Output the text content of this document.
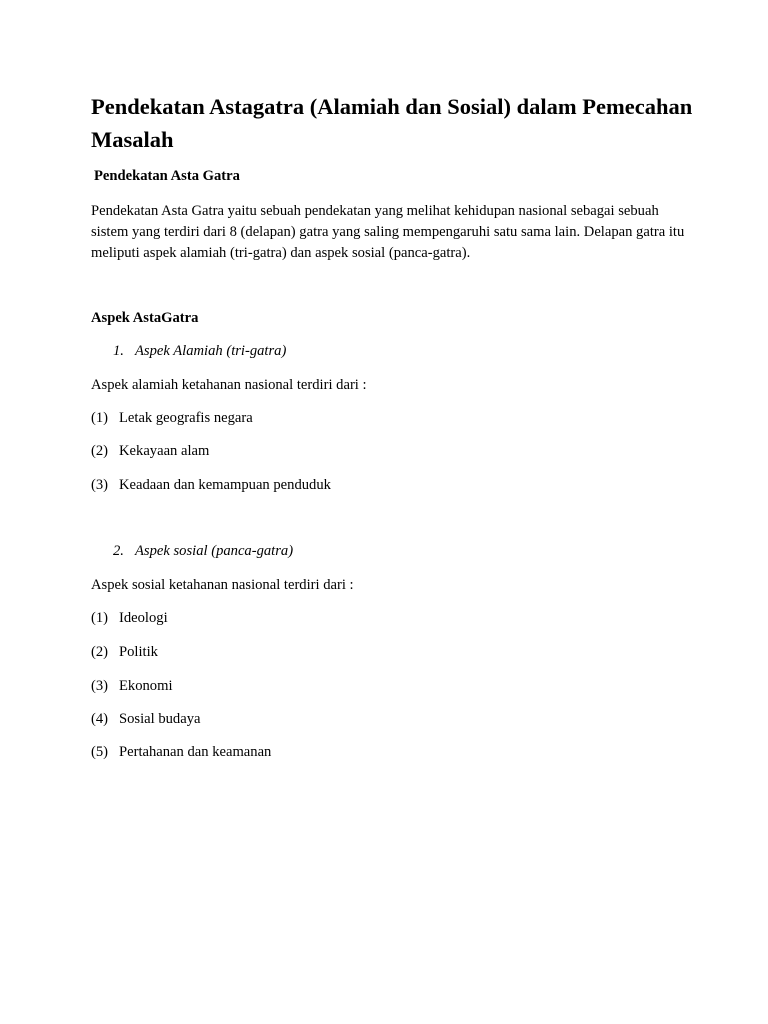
Pendekatan Astagatra (Alamiah dan Sosial) dalam Pemecahan Masalah
Pendekatan Asta Gatra

Pendekatan Asta Gatra yaitu sebuah pendekatan yang melihat kehidupan nasional sebagai sebuah sistem yang terdiri dari 8 (delapan) gatra yang saling mempengaruhi satu sama lain. Delapan gatra itu meliputi aspek alamiah (tri-gatra) dan aspek sosial (panca-gatra).

Aspek AstaGatra

1. Aspek Alamiah (tri-gatra)

Aspek alamiah ketahanan nasional terdiri dari :

(1) Letak geografis negara

(2) Kekayaan alam

(3) Keadaan dan kemampuan penduduk

2. Aspek sosial (panca-gatra)

Aspek sosial ketahanan nasional terdiri dari :

(1) Ideologi

(2) Politik

(3) Ekonomi

(4) Sosial budaya

(5) Pertahanan dan keamanan
